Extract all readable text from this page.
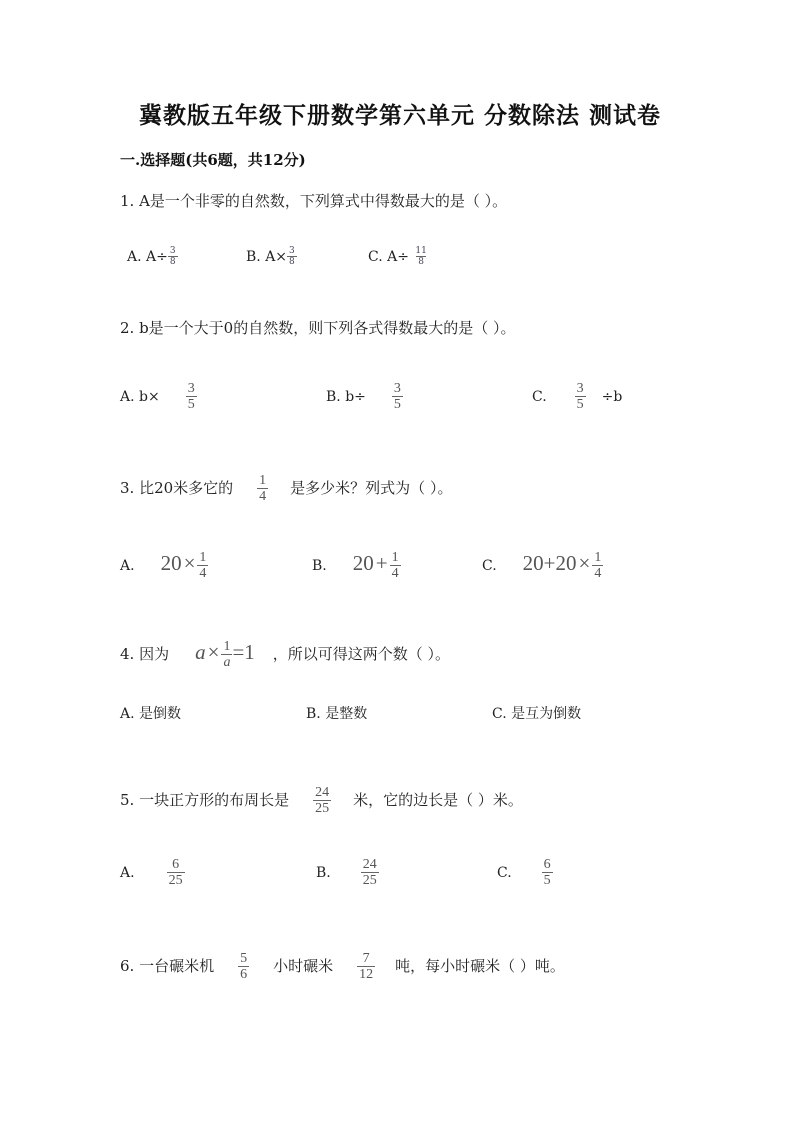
冀教版五年级下册数学第六单元 分数除法 测试卷
一.选择题(共6题，共12分)
1. A是一个非零的自然数，下列算式中得数最大的是（ ）。
A. $A\div \frac{3}{8}$	B. $A\times \frac{3}{8}$	C. $A\div \frac{11}{8}$
2. b是一个大于0的自然数，则下列各式得数最大的是（ ）。
A. $b\times \frac{3}{5}$	B. $b\div \frac{3}{5}$	C. $\frac{3}{5} \div b$
3. 比20米多它的 $\frac{1}{4}$ 是多少米？列式为（ ）。
A. $20\times \frac{1}{4}$	B. $20+ \frac{1}{4}$	C. $20+20\times \frac{1}{4}$
4. 因为 $a\times \frac{1}{a} =1$ ，所以可得这两个数（ ）。
A. 是倒数	B. 是整数	C. 是互为倒数
5. 一块正方形的布周长是 $\frac{24}{25}$ 米，它的边长是（ ）米。
A. $\frac{6}{25}$	B. $\frac{24}{25}$	C. $\frac{6}{5}$
6. 一台碾米机 $\frac{5}{6}$ 小时碾米 $\frac{7}{12}$ 吨，每小时碾米（ ）吨。
